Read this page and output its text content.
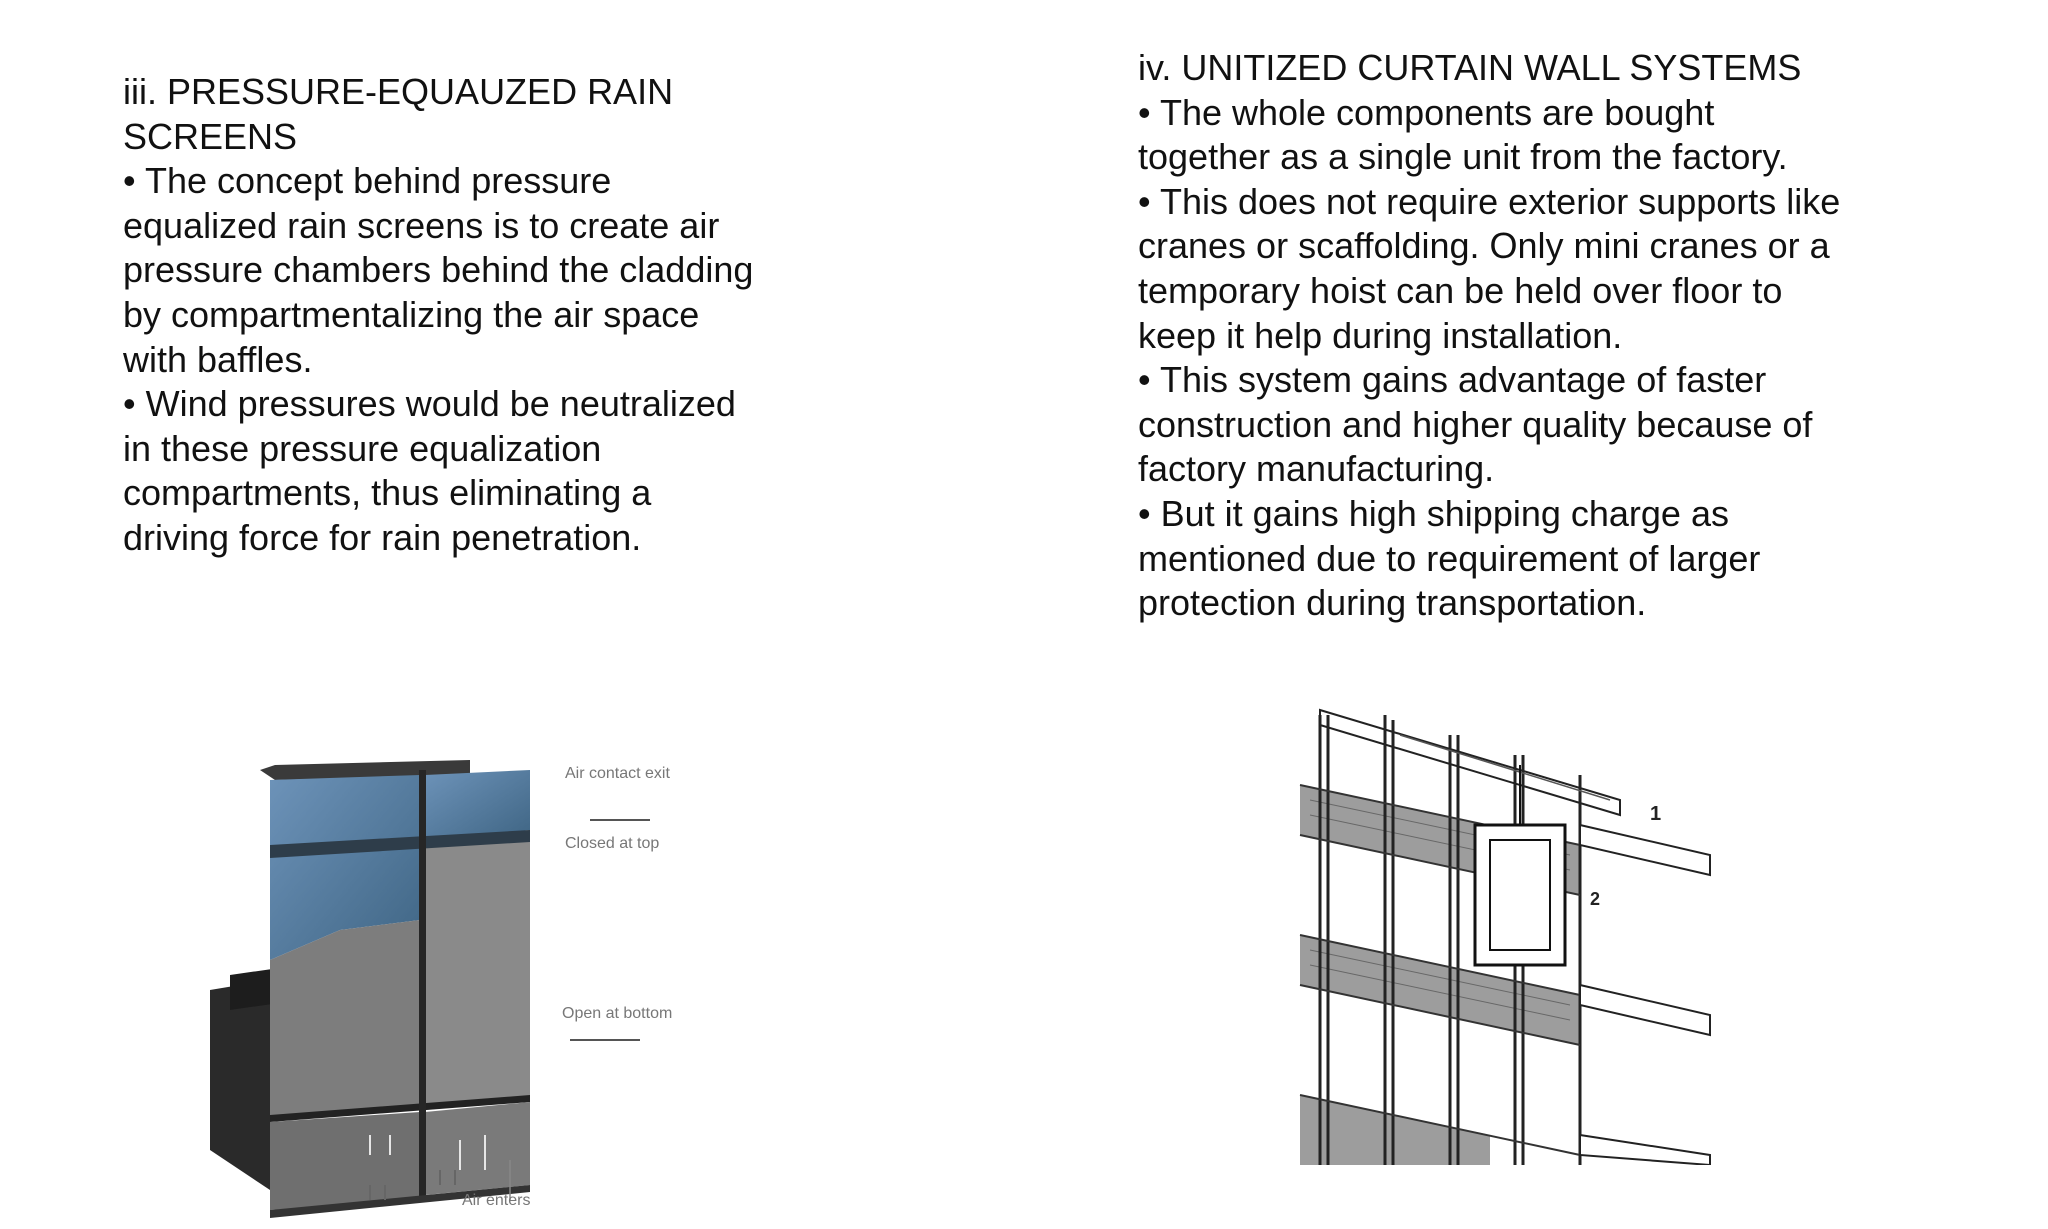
iii. PRESSURE-EQUAUZED RAIN
SCREENS
• The concept behind pressure
equalized rain screens is to create air
pressure chambers behind the cladding
by compartmentalizing the air space
with baffles.
• Wind pressures would be neutralized
in these pressure equalization
compartments, thus eliminating a
driving force for rain penetration.
iv. UNITIZED CURTAIN WALL SYSTEMS
• The whole components are bought
together as a single unit from the factory.
• This does not require exterior supports like
cranes or scaffolding. Only mini cranes or a
temporary hoist can be held over floor to
keep it help during installation.
• This system gains advantage of faster
construction and higher quality because of
factory manufacturing.
• But it gains high shipping charge as
mentioned due to requirement of larger
protection during transportation.
Air contact exit
Closed at top
Open at bottom
Air enters
1
2
